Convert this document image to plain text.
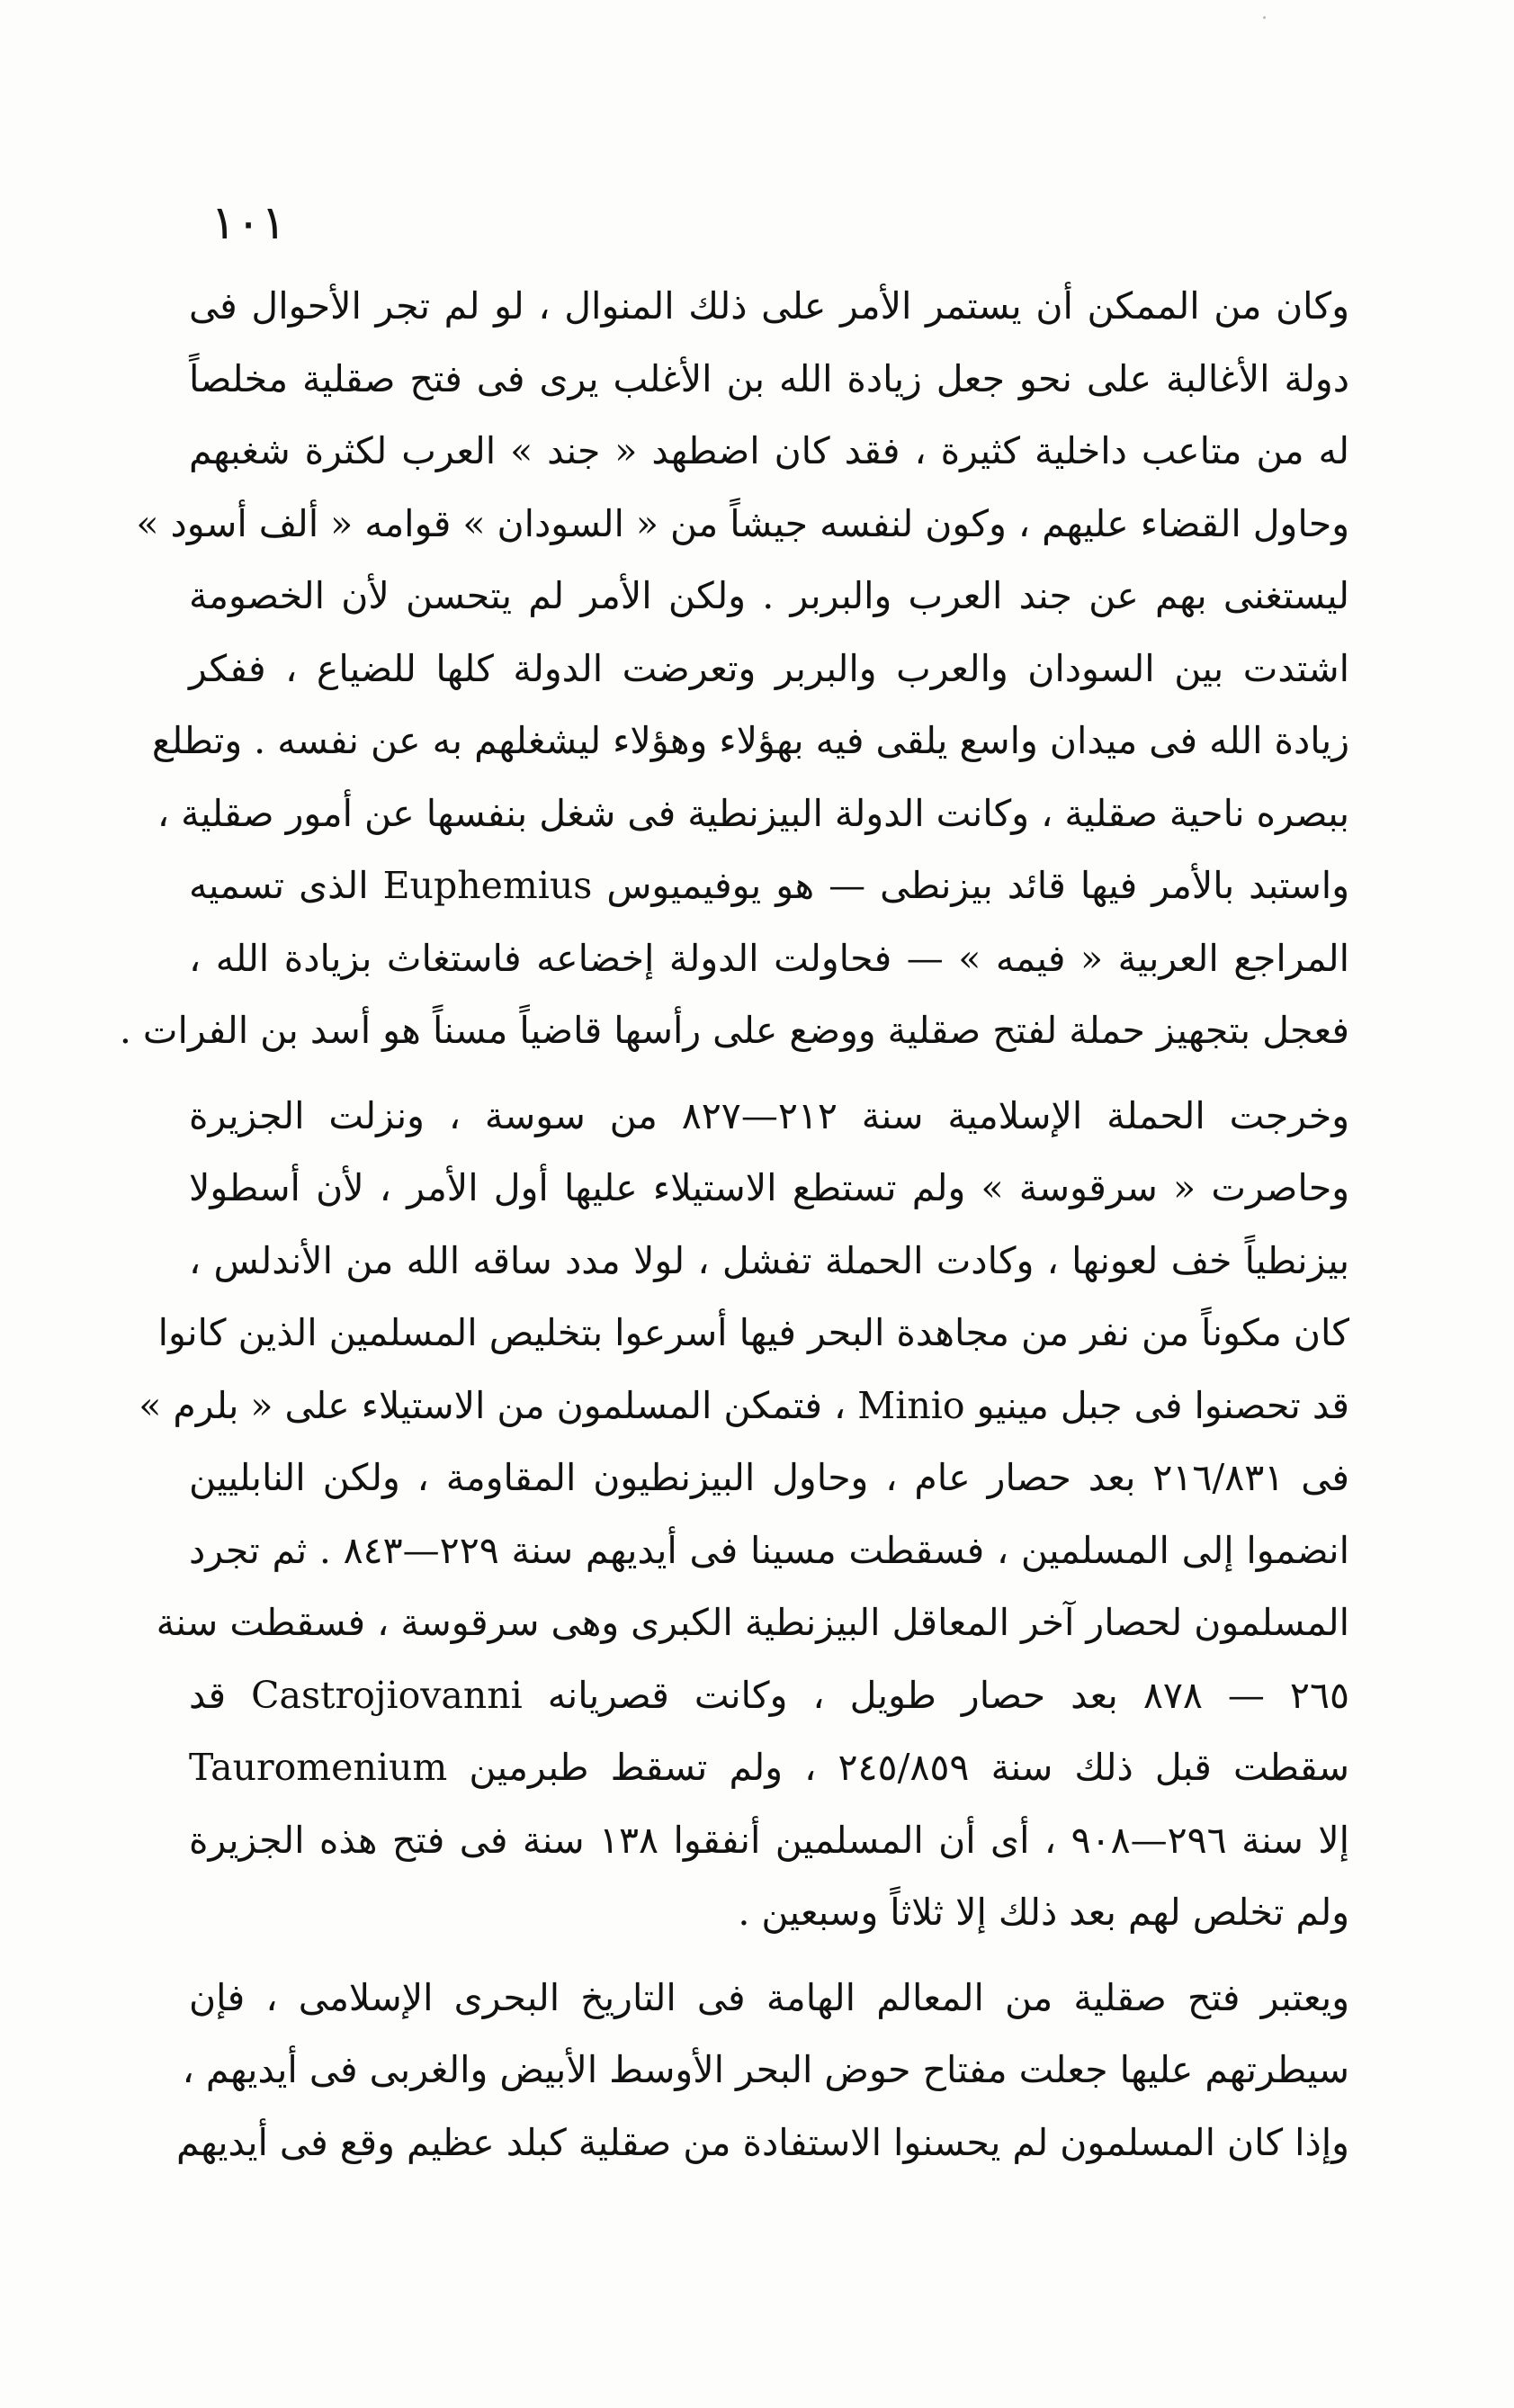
١٠١
وكان من الممكن أن يستمر الأمر على ذلك المنوال ، لو لم تجر الأحوال فى
دولة الأغالبة على نحو جعل زيادة الله بن الأغلب يرى فى فتح صقلية مخلصاً
له من متاعب داخلية كثيرة ، فقد كان اضطهد « جند » العرب لكثرة شغبهم
وحاول القضاء عليهم ، وكون لنفسه جيشاً من « السودان » قوامه « ألف أسود »
ليستغنى بهم عن جند العرب والبربر . ولكن الأمر لم يتحسن لأن الخصومة
اشتدت بين السودان والعرب والبربر وتعرضت الدولة كلها للضياع ، ففكر
زيادة الله فى ميدان واسع يلقى فيه بهؤلاء وهؤلاء ليشغلهم به عن نفسه . وتطلع
ببصره ناحية صقلية ، وكانت الدولة البيزنطية فى شغل بنفسها عن أمور صقلية ،
واستبد بالأمر فيها قائد بيزنطى — هو يوفيميوس Euphemius الذى تسميه
المراجع العربية « فيمه » — فحاولت الدولة إخضاعه فاستغاث بزيادة الله ،
فعجل بتجهيز حملة لفتح صقلية ووضع على رأسها قاضياً مسناً هو أسد بن الفرات .
وخرجت الحملة الإسلامية سنة ٢١٢—٨٢٧ من سوسة ، ونزلت الجزيرة
وحاصرت « سرقوسة » ولم تستطع الاستيلاء عليها أول الأمر ، لأن أسطولا
بيزنطياً خف لعونها ، وكادت الحملة تفشل ، لولا مدد ساقه الله من الأندلس ،
كان مكوناً من نفر من مجاهدة البحر فيها أسرعوا بتخليص المسلمين الذين كانوا
قد تحصنوا فى جبل مينيو Minio ، فتمكن المسلمون من الاستيلاء على « بلرم »
فى ٢١٦/٨٣١ بعد حصار عام ، وحاول البيزنطيون المقاومة ، ولكن النابليين
انضموا إلى المسلمين ، فسقطت مسينا فى أيديهم سنة ٢٢٩—٨٤٣ . ثم تجرد
المسلمون لحصار آخر المعاقل البيزنطية الكبرى وهى سرقوسة ، فسقطت سنة
٢٦٥ — ٨٧٨ بعد حصار طويل ، وكانت قصريانه Castrojiovanni قد
سقطت قبل ذلك سنة ٢٤٥/٨٥٩ ، ولم تسقط طبرمين Tauromenium
إلا سنة ٢٩٦—٩٠٨ ، أى أن المسلمين أنفقوا ١٣٨ سنة فى فتح هذه الجزيرة
ولم تخلص لهم بعد ذلك إلا ثلاثاً وسبعين .
ويعتبر فتح صقلية من المعالم الهامة فى التاريخ البحرى الإسلامى ، فإن
سيطرتهم عليها جعلت مفتاح حوض البحر الأوسط الأبيض والغربى فى أيديهم ،
وإذا كان المسلمون لم يحسنوا الاستفادة من صقلية كبلد عظيم وقع فى أيديهم
